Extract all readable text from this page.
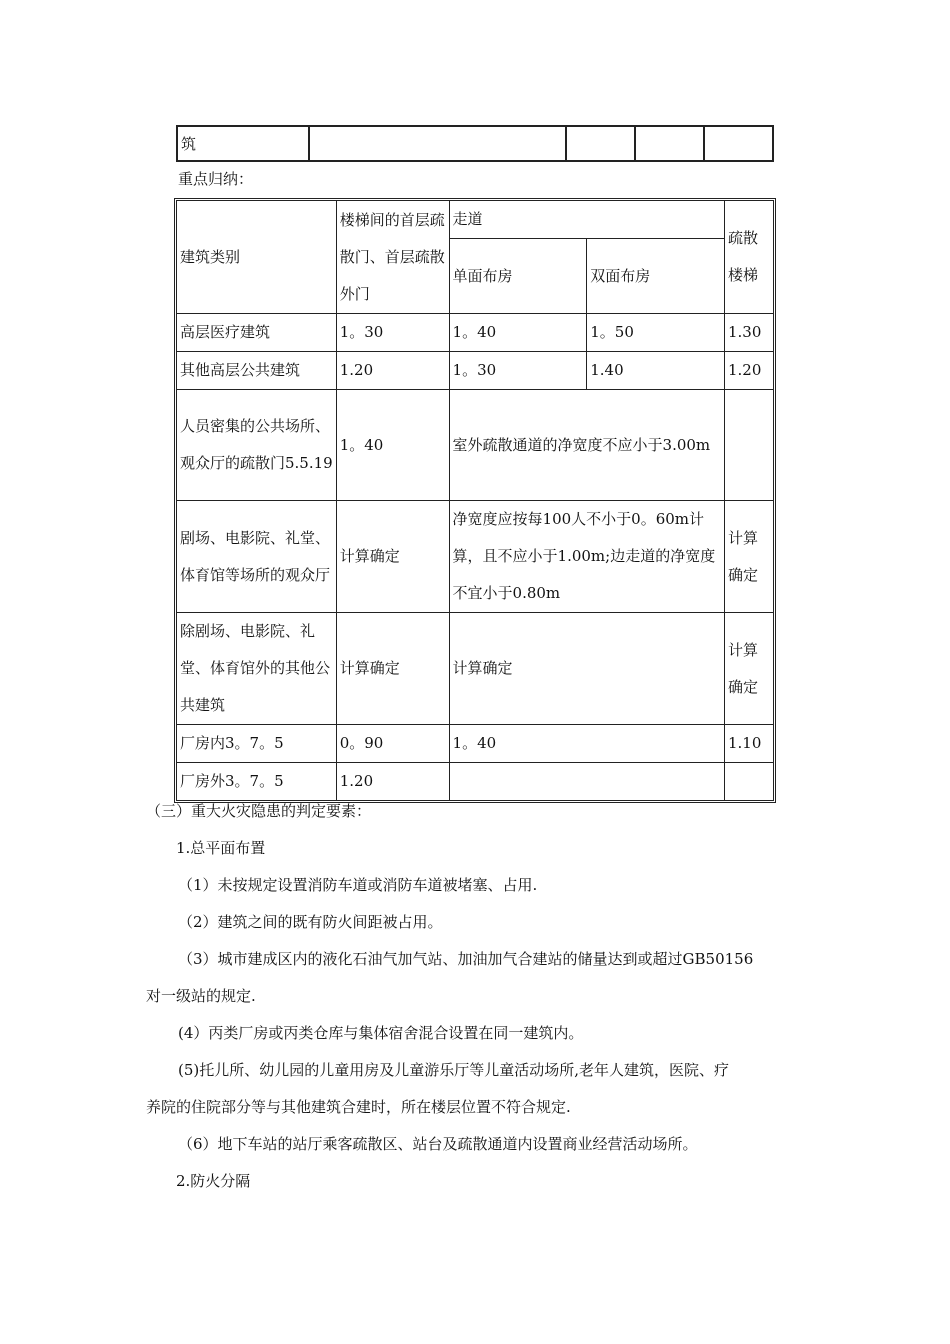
筑				
重点归纳：
建筑类别	楼梯间的首层疏散门、首层疏散外门	走道		疏散楼梯
		单面布房	双面布房	
高层医疗建筑	1。30	1。40	1。50	1.30
其他高层公共建筑	1.20	1。30	1.40	1.20
人员密集的公共场所、观众厅的疏散门5.5.19	1。40	室外疏散通道的净宽度不应小于3.00m		
剧场、电影院、礼堂、体育馆等场所的观众厅	计算确定	净宽度应按每100人不小于0。60m计算，且不应小于1.00m;边走道的净宽度不宜小于0.80m		计算确定
除剧场、电影院、礼堂、体育馆外的其他公共建筑	计算确定	计算确定		计算确定
厂房内3。7。5	0。90	1。40		1.10
厂房外3。7。5	1.20			
（三）重大火灾隐患的判定要素：
1.总平面布置
（1）未按规定设置消防车道或消防车道被堵塞、占用.
（2）建筑之间的既有防火间距被占用。
（3）城市建成区内的液化石油气加气站、加油加气合建站的储量达到或超过GB50156
对一级站的规定.
(4）丙类厂房或丙类仓库与集体宿舍混合设置在同一建筑内。
(5)托儿所、幼儿园的儿童用房及儿童游乐厅等儿童活动场所,老年人建筑，医院、疗
养院的住院部分等与其他建筑合建时，所在楼层位置不符合规定.
（6）地下车站的站厅乘客疏散区、站台及疏散通道内设置商业经营活动场所。
2.防火分隔
